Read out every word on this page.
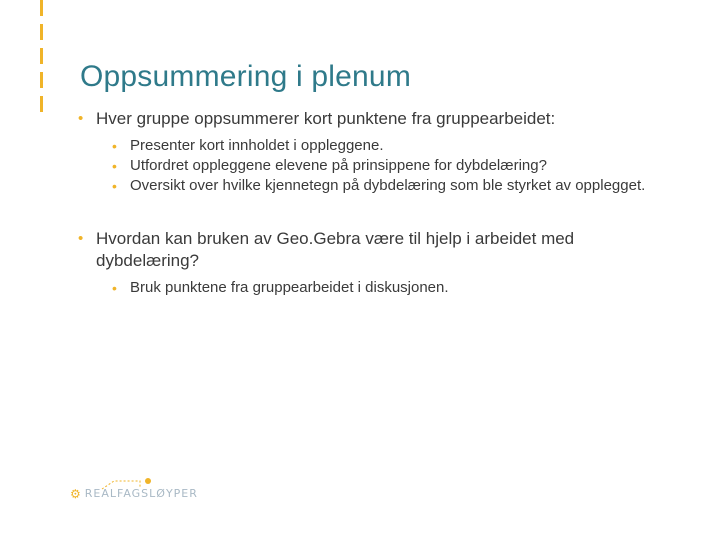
Oppsummering i plenum
• Hver gruppe oppsummerer kort punktene fra gruppearbeidet:
• Presenter kort innholdet i oppleggene.
• Utfordret oppleggene elevene på prinsippene for dybdelæring?
• Oversikt over hvilke kjennetegn på dybdelæring som ble styrket av opplegget.
• Hvordan kan bruken av Geo.Gebra være til hjelp i arbeidet med dybdelæring?
• Bruk punktene fra gruppearbeidet i diskusjonen.
⚙ REALFAGSLØYPER
